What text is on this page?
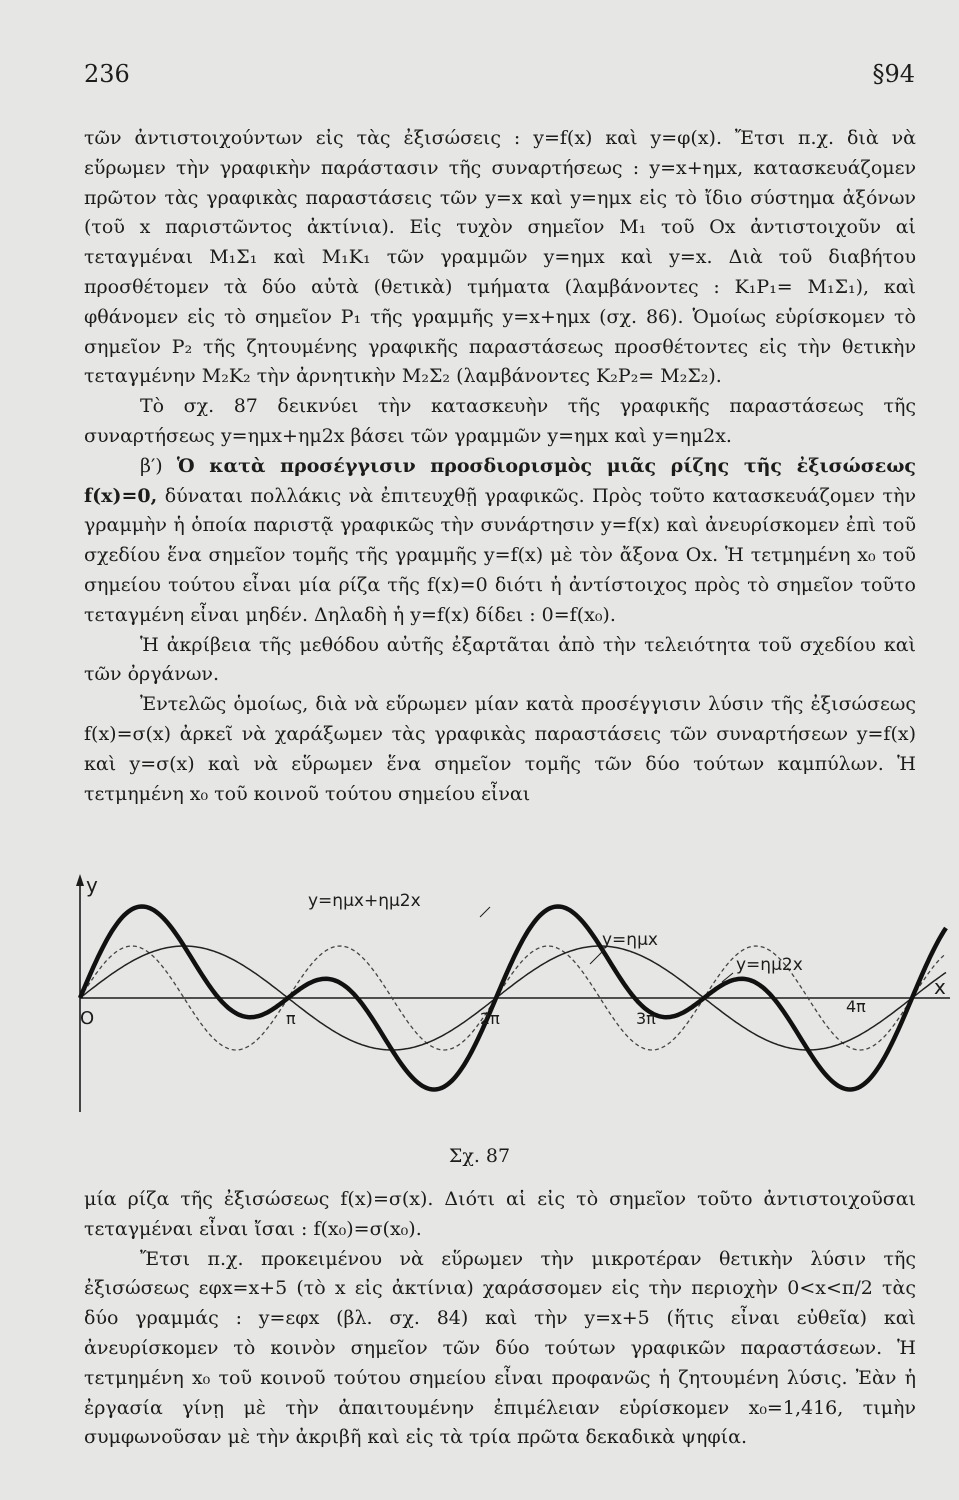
236	§94

τῶν ἀντιστοιχούντων εἰς τὰς ἐξισώσεις : y=f(x) καὶ y=φ(x). Ἔτσι π.χ. διὰ νὰ εὕρωμεν τὴν γραφικὴν παράστασιν τῆς συναρτήσεως : y=x+ημx, κατασκευάζομεν πρῶτον τὰς γραφικὰς παραστάσεις τῶν y=x καὶ y=ημx εἰς τὸ ἴδιο σύστημα ἀξόνων (τοῦ x παριστῶντος ἀκτίνια). Εἰς τυχὸν σημεῖον M₁ τοῦ Ox ἀντιστοιχοῦν αἱ τεταγμέναι M₁Σ₁ καὶ M₁K₁ τῶν γραμμῶν y=ημx καὶ y=x. Διὰ τοῦ διαβήτου προσθέτομεν τὰ δύο αὐτὰ (θετικὰ) τμήματα (λαμβάνοντες : K₁P₁= M₁Σ₁), καὶ φθάνομεν εἰς τὸ σημεῖον P₁ τῆς γραμμῆς y=x+ημx (σχ. 86). Ὁμοίως εὑρίσκομεν τὸ σημεῖον P₂ τῆς ζητουμένης γραφικῆς παραστάσεως προσθέτοντες εἰς τὴν θετικὴν τεταγμένην M₂K₂ τὴν ἀρνητικὴν M₂Σ₂ (λαμβάνοντες K₂P₂= M₂Σ₂).

Τὸ σχ. 87 δεικνύει τὴν κατασκευὴν τῆς γραφικῆς παραστάσεως τῆς συναρτήσεως y=ημx+ημ2x βάσει τῶν γραμμῶν y=ημx καὶ y=ημ2x.

β′) Ὁ κατὰ προσέγγισιν προσδιορισμὸς μιᾶς ρίζης τῆς ἐξισώσεως f(x)=0, δύναται πολλάκις νὰ ἐπιτευχθῇ γραφικῶς. Πρὸς τοῦτο κατασκευάζομεν τὴν γραμμὴν ἡ ὁποία παριστᾷ γραφικῶς τὴν συνάρτησιν y=f(x) καὶ ἀνευρίσκομεν ἐπὶ τοῦ σχεδίου ἕνα σημεῖον τομῆς τῆς γραμμῆς y=f(x) μὲ τὸν ἄξονα Ox. Ἡ τετμημένη x₀ τοῦ σημείου τούτου εἶναι μία ρίζα τῆς f(x)=0 διότι ἡ ἀντίστοιχος πρὸς τὸ σημεῖον τοῦτο τεταγμένη εἶναι μηδέν. Δηλαδὴ ἡ y=f(x) δίδει : 0=f(x₀).

Ἡ ἀκρίβεια τῆς μεθόδου αὐτῆς ἐξαρτᾶται ἀπὸ τὴν τελειότητα τοῦ σχεδίου καὶ τῶν ὀργάνων.

Ἐντελῶς ὁμοίως, διὰ νὰ εὕρωμεν μίαν κατὰ προσέγγισιν λύσιν τῆς ἐξισώσεως f(x)=σ(x) ἀρκεῖ νὰ χαράξωμεν τὰς γραφικὰς παραστάσεις τῶν συναρτήσεων y=f(x) καὶ y=σ(x) καὶ νὰ εὕρωμεν ἕνα σημεῖον τομῆς τῶν δύο τούτων καμπύλων. Ἡ τετμημένη x₀ τοῦ κοινοῦ τούτου σημείου εἶναι

y
x
O	π	2π	3π
4π
y=ημx+ημ2x
y=ημx
y=ημ2x
Σχ. 87

μία ρίζα τῆς ἐξισώσεως f(x)=σ(x). Διότι αἱ εἰς τὸ σημεῖον τοῦτο ἀντιστοιχοῦσαι τεταγμέναι εἶναι ἴσαι : f(x₀)=σ(x₀).

Ἔτσι π.χ. προκειμένου νὰ εὕρωμεν τὴν μικροτέραν θετικὴν λύσιν τῆς ἐξισώσεως εφx=x+5 (τὸ x εἰς ἀκτίνια) χαράσσομεν εἰς τὴν περιοχὴν 0<x<π/2 τὰς δύο γραμμάς : y=εφx (βλ. σχ. 84) καὶ τὴν y=x+5 (ἥτις εἶναι εὐθεῖα) καὶ ἀνευρίσκομεν τὸ κοινὸν σημεῖον τῶν δύο τούτων γραφικῶν παραστάσεων. Ἡ τετμημένη x₀ τοῦ κοινοῦ τούτου σημείου εἶναι προφανῶς ἡ ζητουμένη λύσις. Ἐὰν ἡ ἐργασία γίνῃ μὲ τὴν ἀπαιτουμένην ἐπιμέλειαν εὑρίσκομεν x₀=1,416, τιμὴν συμφωνοῦσαν μὲ τὴν ἀκριβῆ καὶ εἰς τὰ τρία πρῶτα δεκαδικὰ ψηφία.
